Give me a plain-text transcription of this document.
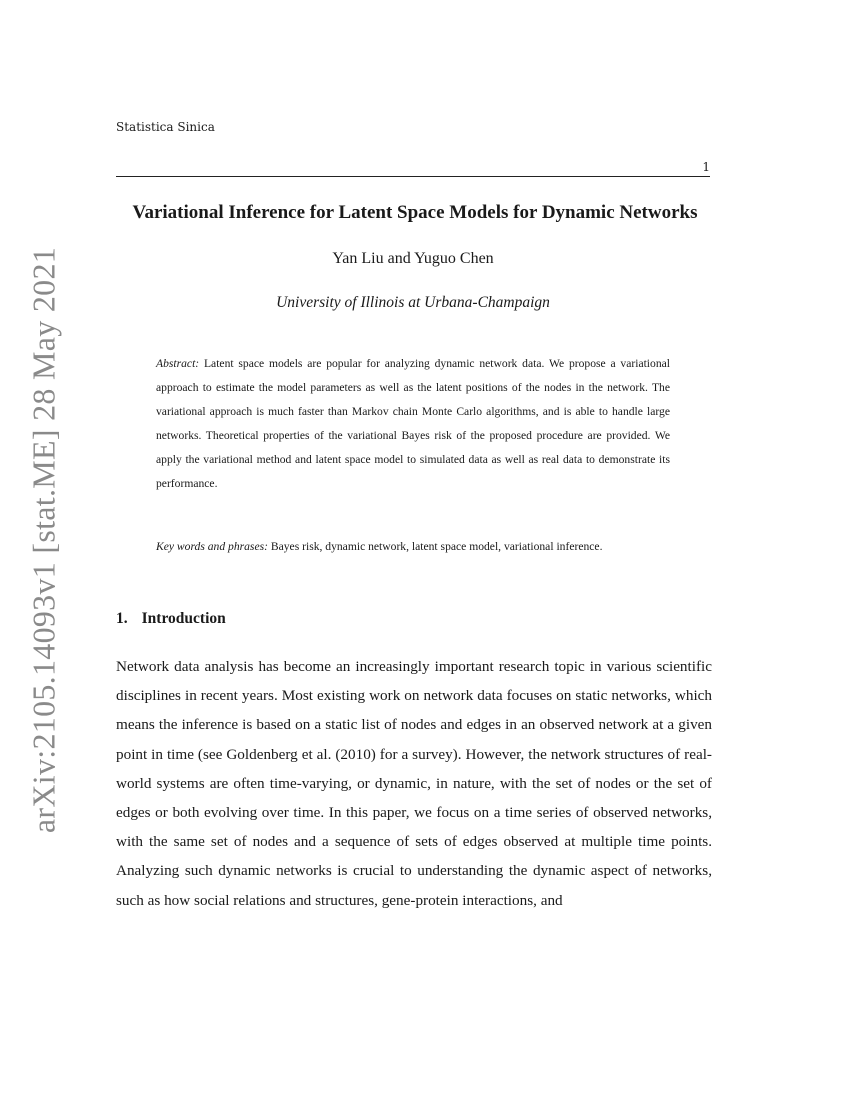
arXiv:2105.14093v1 [stat.ME] 28 May 2021

Statistica Sinica

1

Variational Inference for Latent Space Models for Dynamic Networks

Yan Liu and Yuguo Chen

University of Illinois at Urbana-Champaign

Abstract: Latent space models are popular for analyzing dynamic network data. We propose a variational approach to estimate the model parameters as well as the latent positions of the nodes in the network. The variational approach is much faster than Markov chain Monte Carlo algorithms, and is able to handle large networks. Theoretical properties of the variational Bayes risk of the proposed procedure are provided. We apply the variational method and latent space model to simulated data as well as real data to demonstrate its performance.

Key words and phrases: Bayes risk, dynamic network, latent space model, variational inference.

1. Introduction

Network data analysis has become an increasingly important research topic in various scientific disciplines in recent years. Most existing work on network data focuses on static networks, which means the inference is based on a static list of nodes and edges in an observed network at a given point in time (see Goldenberg et al. (2010) for a survey). However, the network structures of real-world systems are often time-varying, or dynamic, in nature, with the set of nodes or the set of edges or both evolving over time. In this paper, we focus on a time series of observed networks, with the same set of nodes and a sequence of sets of edges observed at multiple time points. Analyzing such dynamic networks is crucial to understanding the dynamic aspect of networks, such as how social relations and structures, gene-protein interactions, and
